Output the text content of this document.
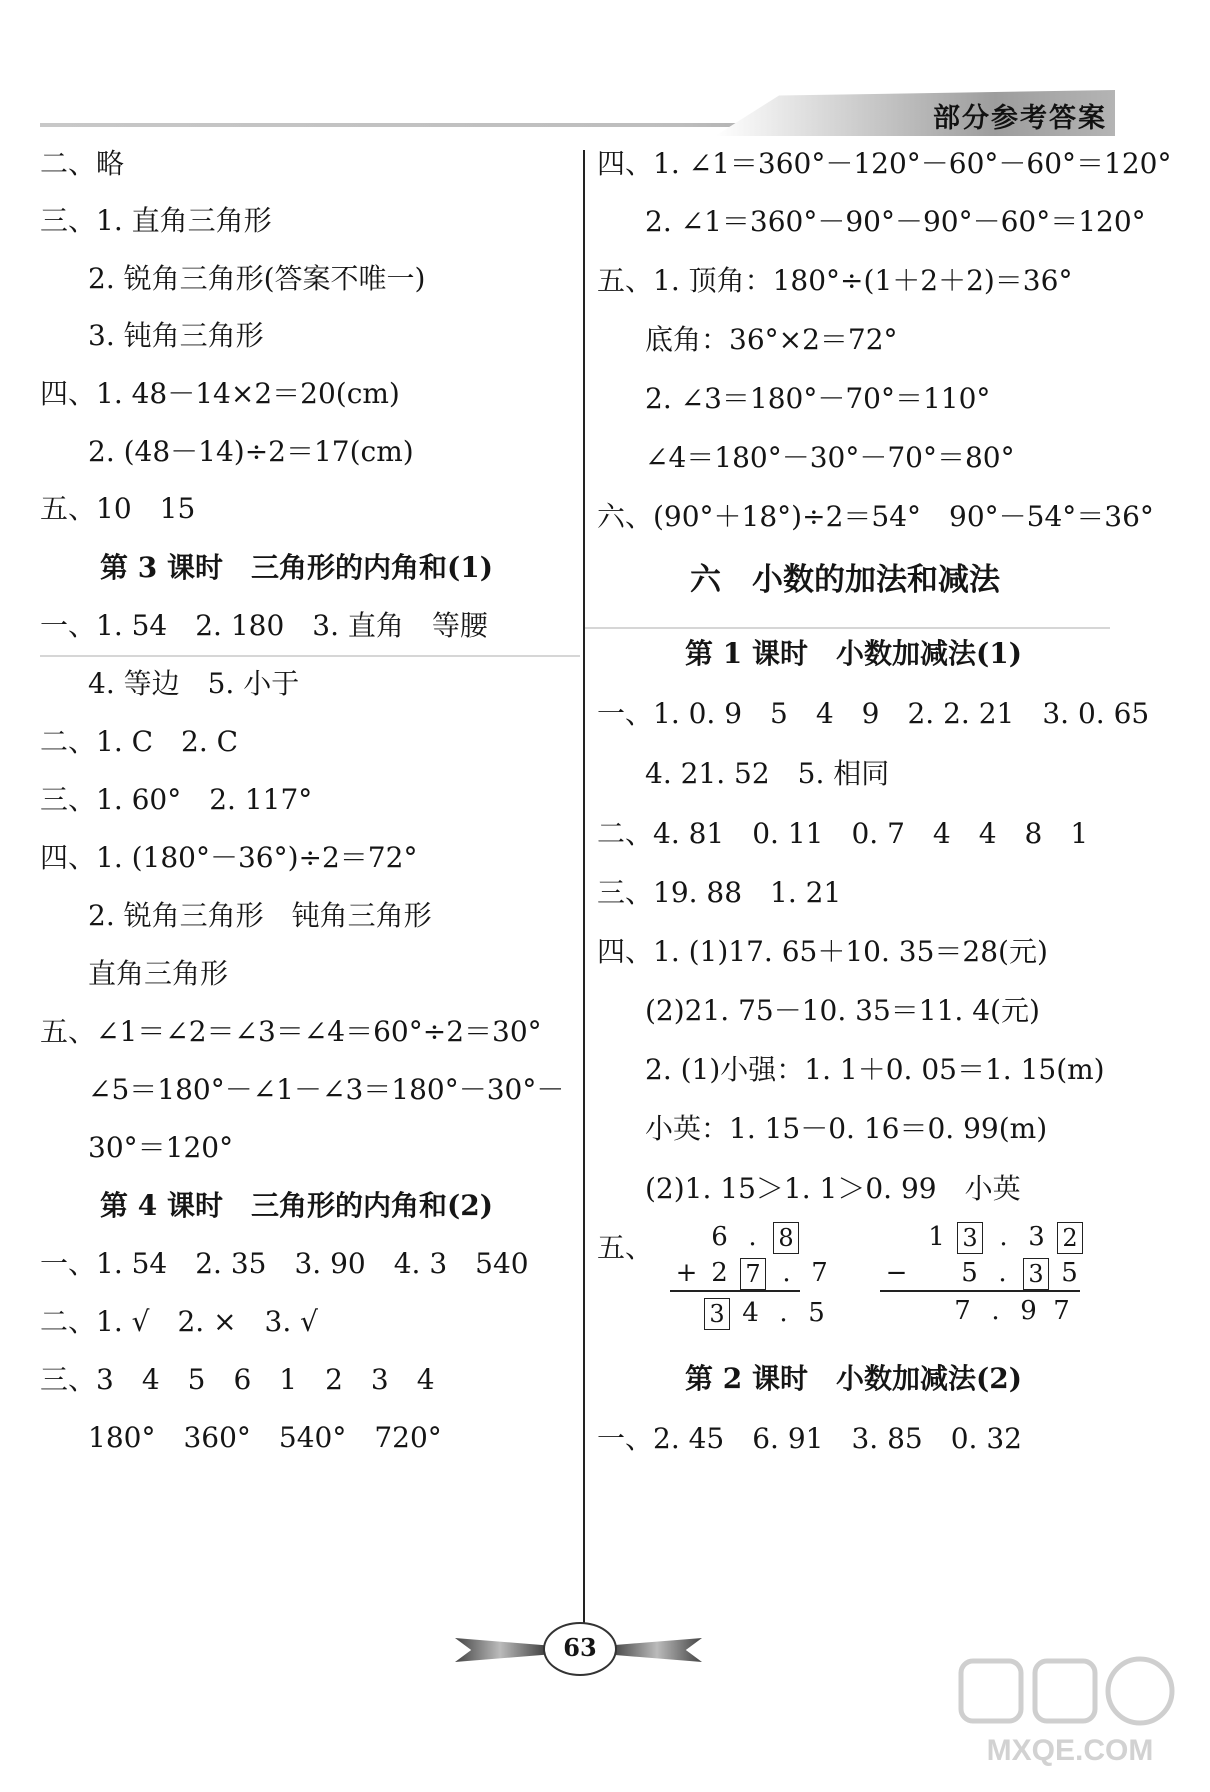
部分参考答案
二、略
三、1. 直角三角形
2. 锐角三角形(答案不唯一)
3. 钝角三角形
四、1. 48－14×2＝20(cm)
2. (48－14)÷2＝17(cm)
五、10　15
第 3 课时　三角形的内角和(1)
一、1. 54　2. 180　3. 直角　等腰
4. 等边　5. 小于
二、1. C　2. C
三、1. 60°　2. 117°
四、1. (180°－36°)÷2＝72°
2. 锐角三角形　钝角三角形
直角三角形
五、∠1＝∠2＝∠3＝∠4＝60°÷2＝30°
∠5＝180°－∠1－∠3＝180°－30°－
30°＝120°
第 4 课时　三角形的内角和(2)
一、1. 54　2. 35　3. 90　4. 3　540
二、1. √　2. ×　3. √
三、3　4　5　6　1　2　3　4
180°　360°　540°　720°
四、1. ∠1＝360°－120°－60°－60°＝120°
2. ∠1＝360°－90°－90°－60°＝120°
五、1. 顶角：180°÷(1＋2＋2)＝36°
底角：36°×2＝72°
2. ∠3＝180°－70°＝110°
∠4＝180°－30°－70°＝80°
六、(90°＋18°)÷2＝54°　90°－54°＝36°
六　小数的加法和减法
第 1 课时　小数加减法(1)
一、1. 0. 9　5　4　9　2. 2. 21　3. 0. 65
4. 21. 52　5. 相同
二、4. 81　0. 11　0. 7　4　4　8　1
三、19. 88　1. 21
四、1. (1)17. 65＋10. 35＝28(元)
(2)21. 75－10. 35＝11. 4(元)
2. (1)小强：1. 1＋0. 05＝1. 15(m)
小英：1. 15－0. 16＝0. 99(m)
(2)1. 15＞1. 1＞0. 99　小英
五、	6 . 8
+ 2 7 . 7
3 4 . 5
1 3 . 3 2
− 5 . 3 5
7 . 9 7
第 2 课时　小数加减法(2)
一、2. 45　6. 91　3. 85　0. 32
63
MXQE.COM
